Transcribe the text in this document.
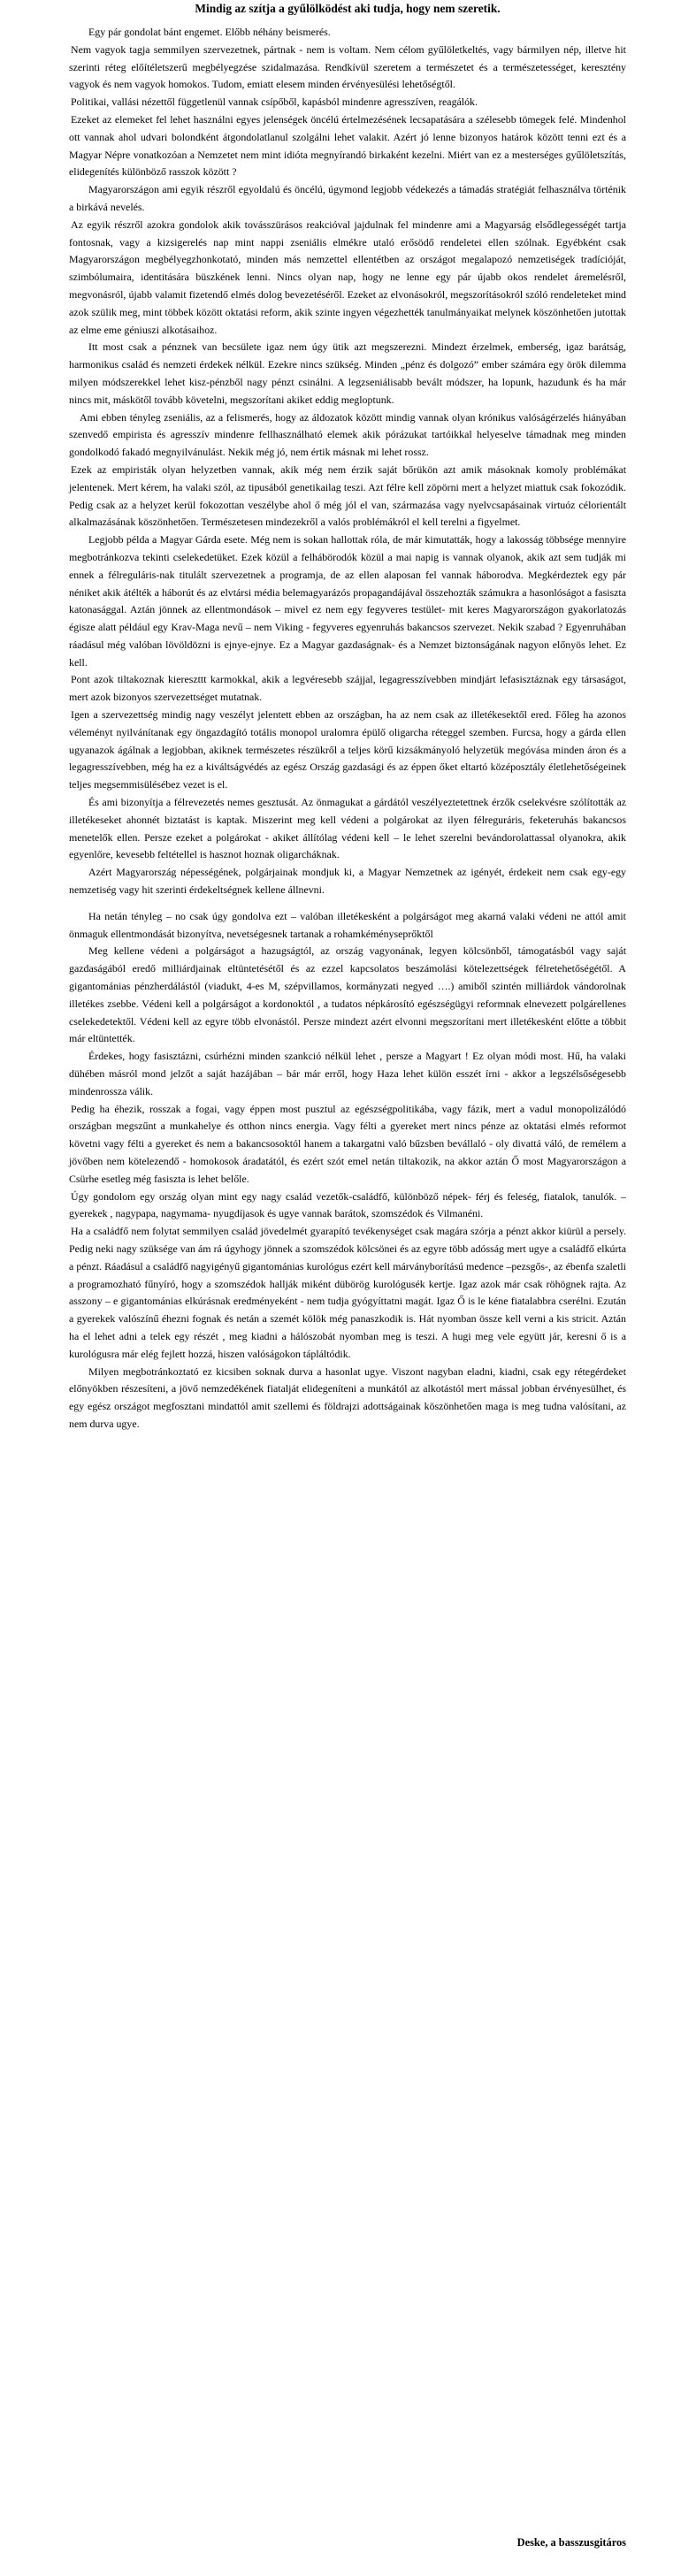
Mindig az szítja a gyűlölködést aki tudja, hogy nem szeretik.

Egy pár gondolat bánt engemet. Előbb néhány beismerés.

Nem vagyok tagja semmilyen szervezetnek, pártnak - nem is voltam. Nem célom gyűlöletkeltés, vagy bármilyen nép, illetve hit szerinti réteg előítéletszerű megbélyegzése szidalmazása. Rendkívül szeretem a természetet és a természetességet, keresztény vagyok és nem vagyok homokos. Tudom, emiatt elesem minden érvényesülési lehetőségtől.

Politikai, vallási nézettől függetlenül vannak csípőből, kapásból mindenre agresszíven, reagálók.

Ezeket az elemeket fel lehet használni egyes jelenségek öncélú értelmezésének lecsapatására a szélesebb tömegek felé. Mindenhol ott vannak ahol udvari bolondként átgondolatlanul szolgálni lehet valakit. Azért jó lenne bizonyos határok között tenni ezt és a Magyar Népre vonatkozóan a Nemzetet nem mint idióta megnyírandó birkaként kezelni. Miért van ez a mesterséges gyűlöletszítás, elidegenítés különböző rasszok között ?

Magyarországon ami egyik részről egyoldalú és öncélú, úgymond legjobb védekezés a támadás stratégiát felhasználva történik a birkává nevelés.

Az egyik részről azokra gondolok akik továsszürásos reakcióval jajdulnak fel mindenre ami a Magyarság elsődlegességét tartja fontosnak, vagy a kizsigerelés nap mint nappi zseniális elmékre utaló erősödő rendeletei ellen szólnak. Egyébként csak Magyarországon megbélyegzhonkotató, minden más nemzettel ellentétben az országot megalapozó nemzetiségek tradícióját, szimbólumaira, identitására büszkének lenni. Nincs olyan nap, hogy ne lenne egy pár újabb okos rendelet áremelésről, megvonásról, újabb valamit fizetendő elmés dolog bevezetéséről. Ezeket az elvonásokról, megszorításokról szóló rendeleteket mind azok szülik meg, mint többek között oktatási reform, akik szinte ingyen végezhették tanulmányaikat melynek köszönhetően jutottak az elme eme géniuszi alkotásaihoz.

Itt most csak a pénznek van becsülete igaz nem úgy ütik azt megszerezni. Mindezt érzelmek, emberség, igaz barátság, harmonikus család és nemzeti érdekek nélkül. Ezekre nincs szükség. Minden „pénz és dolgozó” ember számára egy örök dilemma milyen módszerekkel lehet kisz-pénzből nagy pénzt csinálni. A legzseniálisabb bevált módszer, ha lopunk, hazudunk és ha már nincs mit, máskötől tovább követelni, megszorítani akiket eddig megloptunk.

Ami ebben tényleg zseniális, az a felismerés, hogy az áldozatok között mindig vannak olyan krónikus valóságérzelés hiányában szenvedő empirista és agresszív mindenre fellhasználható elemek akik pórázukat tartóikkal helyeselve támadnak meg minden gondolkodó fakadó megnyilvánulást. Nekik még jó, nem értik másnak mi lehet rossz.

Ezek az empiristák olyan helyzetben vannak, akik még nem érzik saját bőrükön azt amik másoknak komoly problémákat jelentenek. Mert kérem, ha valaki szól, az tipusából genetikailag teszi. Azt félre kell zöpörni mert a helyzet miattuk csak fokozódik. Pedig csak az a helyzet kerül fokozottan veszélybe ahol ő még jól el van, származása vagy nyelvcsapásainak virtuóz célorientált alkalmazásának köszönhetően. Természetesen mindezekről a valós problémákról el kell terelni a figyelmet.

Legjobb példa a Magyar Gárda esete. Még nem is sokan hallottak róla, de már kimutatták, hogy a lakosság többsége mennyire megbotránkozva tekinti cselekedetüket. Ezek közül a felhábörodók közül a mai napig is vannak olyanok, akik azt sem tudják mi ennek a félreguláris-nak titulált szervezetnek a programja, de az ellen alaposan fel vannak háborodva. Megkérdeztek egy pár néniket akik átélték a háborút és az elvtársi média belemagyarázós propagandájával összehozták számukra a hasonlóságot a fasiszta katonasággal. Aztán jönnek az ellentmondások – mivel ez nem egy fegyveres testület- mit keres Magyarországon gyakorlatozás égisze alatt például egy Krav-Maga nevű – nem Viking - fegyveres egyenruhás bakancsos szervezet. Nekik szabad ? Egyenruhában ráadásul még valóban lövöldözni is ejnye-ejnye. Ez a Magyar gazdaságnak- és a Nemzet biztonságának nagyon előnyös lehet. Ez kell.

Pont azok tiltakoznak kiereszttt karmokkal, akik a legvéresebb szájjal, legagresszívebben mindjárt lefasisztáznak egy társaságot, mert azok bizonyos szervezettséget mutatnak.

Igen a szervezettség mindig nagy veszélyt jelentett ebben az országban, ha az nem csak az illetékesektől ered. Főleg ha azonos véleményt nyilvánítanak egy öngazdagító totális monopol uralomra épülő oligarcha réteggel szemben. Furcsa, hogy a gárda ellen ugyanazok ágálnak a legjobban, akiknek természetes részükről a teljes körű kizsákmányoló helyzetük megóvása minden áron és a legagresszívebben, még ha ez a kiváltságvédés az egész Ország gazdasági és az éppen őket eltartó középosztály életlehetőségeinek teljes megsemmisülésébez vezet is el.

És ami bizonyítja a félrevezetés nemes gesztusát. Az önmagukat a gárdától veszélyeztetettnek érzők cselekvésre szólították az illetékeseket ahonnét biztatást is kaptak. Miszerint meg kell védeni a polgárokat az ilyen félreguráris, feketeruhás bakancsos menetelők ellen. Persze ezeket a polgárokat - akiket állítólag védeni kell – le lehet szerelni bevándorolattassal olyanokra, akik egyenlőre, kevesebb feltétellel is hasznot hoznak oligarcháknak.

Azért Magyarország népességének, polgárjainak mondjuk ki, a Magyar Nemzetnek az igényét, érdekeit nem csak egy-egy nemzetiség vagy hit szerinti érdekeltségnek kellene állnevni.

Ha netán tényleg – no csak úgy gondolva ezt – valóban illetékesként a polgárságot meg akarná valaki védeni ne attól amit önmaguk ellentmondását bizonyítva, nevetségesnek tartanak a rohamkéményseprőktől

Meg kellene védeni a polgárságot a hazugságtól, az ország vagyonának, legyen kölcsönből, támogatásból vagy saját gazdaságából eredő milliárdjainak eltüntetésétől és az ezzel kapcsolatos beszámolási kötelezettségek félretehetőségétől. A gigantománias pénzherdálástól (viadukt, 4-es M, szépvillamos, kormányzati negyed ….) amiből szintén milliárdok vándorolnak illetékes zsebbe. Védeni kell a polgárságot a kordonoktól , a tudatos népkárosító egészségügyi reformnak elnevezett polgárellenes cselekedetektől. Védeni kell az egyre több elvonástól. Persze mindezt azért elvonni megszorítani mert illetékesként előtte a többit már eltüntették.

Érdekes, hogy fasisztázni, csúrhézni minden szankció nélkül lehet , persze a Magyart ! Ez olyan módi most. Hű, ha valaki dühében másról mond jelzőt a saját hazájában – bár már erről, hogy Haza lehet külön esszét írni - akkor a legszélsőségesebb mindenrossza válik.

Pedig ha éhezik, rosszak a fogai, vagy éppen most pusztul az egészségpolitikába, vagy fázik, mert a vadul monopolizálódó országban megszűnt a munkahelye és otthon nincs energia. Vagy félti a gyereket mert nincs pénze az oktatási elmés reformot követni vagy félti a gyereket és nem a bakancsosoktól hanem a takargatni való bűzsben bevállaló - oly divattá váló, de remélem a jövőben nem kötelezendő - homokosok áradatától, és ezért szót emel netán tiltakozik, na akkor aztán Ő most Magyarországon a Csürhe esetleg még fasiszta is lehet belőle.

Úgy gondolom egy ország olyan mint egy nagy család vezetők-családfő, különböző népek- férj és feleség, fiatalok, tanulók. –gyerekek , nagypapa, nagymama- nyugdíjasok és ugye vannak barátok, szomszédok és Vilmanéni.

Ha a családfő nem folytat semmilyen család jövedelmét gyarapító tevékenységet csak magára szórja a pénzt akkor kiürül a persely. Pedig neki nagy szüksége van ám rá úgyhogy jönnek a szomszédok kölcsönei és az egyre több adósság mert ugye a családfő elkúrta a pénzt. Ráadásul a családfő nagyigényű gigantománias kurológus ezért kell márványborítású medence –pezsgős-, az ébenfa szaletli a programozható fűnyíró, hogy a szomszédok hallják miként dübörög kurológusék kertje. Igaz azok már csak röhögnek rajta. Az asszony – e gigantománias elkúrásnak eredményeként - nem tudja gyógyíttatni magát. Igaz Ő is le kéne fiatalabbra cserélni. Ezután a gyerekek valószínű éhezni fognak és netán a szemét kölök még panaszkodik is. Hát nyomban össze kell verni a kis stricit. Aztán ha el lehet adni a telek egy részét , meg kiadni a hálószobát nyomban meg is teszi. A hugi meg vele együtt jár, keresni ő is a kurológusra már elég fejlett hozzá, hiszen valóságokon tápláltódik.

Milyen megbotránkoztató ez kicsiben soknak durva a hasonlat ugye. Viszont nagyban eladni, kiadni, csak egy rétegérdeket előnyökben részesíteni, a jövő nemzedékének fiatalját elidegeníteni a munkától az alkotástól mert mással jobban érvényesülhet, és egy egész országot megfosztani mindattól amit szellemi és földrajzi adottságainak köszönhetően maga is meg tudna valósítani, az nem durva ugye.

Deske, a basszusgitáros
